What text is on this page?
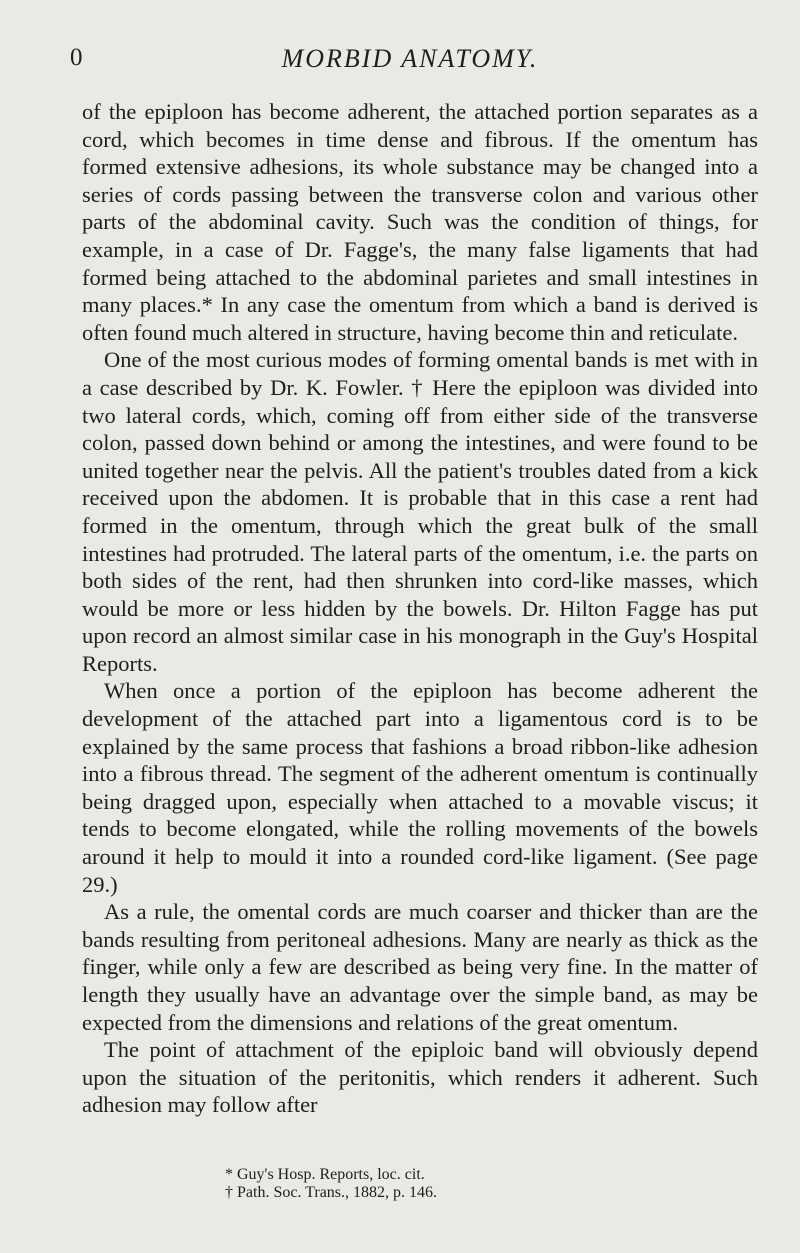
0	MORBID ANATOMY.

of the epiploon has become adherent, the attached portion separates as a cord, which becomes in time dense and fibrous. If the omentum has formed extensive adhesions, its whole substance may be changed into a series of cords passing between the transverse colon and various other parts of the abdominal cavity. Such was the condition of things, for example, in a case of Dr. Fagge's, the many false ligaments that had formed being attached to the abdominal parietes and small intestines in many places.* In any case the omentum from which a band is derived is often found much altered in structure, having become thin and reticulate.

One of the most curious modes of forming omental bands is met with in a case described by Dr. K. Fowler. † Here the epiploon was divided into two lateral cords, which, coming off from either side of the transverse colon, passed down behind or among the intestines, and were found to be united together near the pelvis. All the patient's troubles dated from a kick received upon the abdomen. It is probable that in this case a rent had formed in the omentum, through which the great bulk of the small intestines had protruded. The lateral parts of the omentum, i.e. the parts on both sides of the rent, had then shrunken into cord-like masses, which would be more or less hidden by the bowels. Dr. Hilton Fagge has put upon record an almost similar case in his monograph in the Guy's Hospital Reports.

When once a portion of the epiploon has become adherent the development of the attached part into a ligamentous cord is to be explained by the same process that fashions a broad ribbon-like adhesion into a fibrous thread. The segment of the adherent omentum is continually being dragged upon, especially when attached to a movable viscus; it tends to become elongated, while the rolling movements of the bowels around it help to mould it into a rounded cord-like ligament. (See page 29.)

As a rule, the omental cords are much coarser and thicker than are the bands resulting from peritoneal adhesions. Many are nearly as thick as the finger, while only a few are described as being very fine. In the matter of length they usually have an advantage over the simple band, as may be expected from the dimensions and relations of the great omentum.

The point of attachment of the epiploic band will obviously depend upon the situation of the peritonitis, which renders it adherent. Such adhesion may follow after

* Guy's Hosp. Reports, loc. cit.

† Path. Soc. Trans., 1882, p. 146.
